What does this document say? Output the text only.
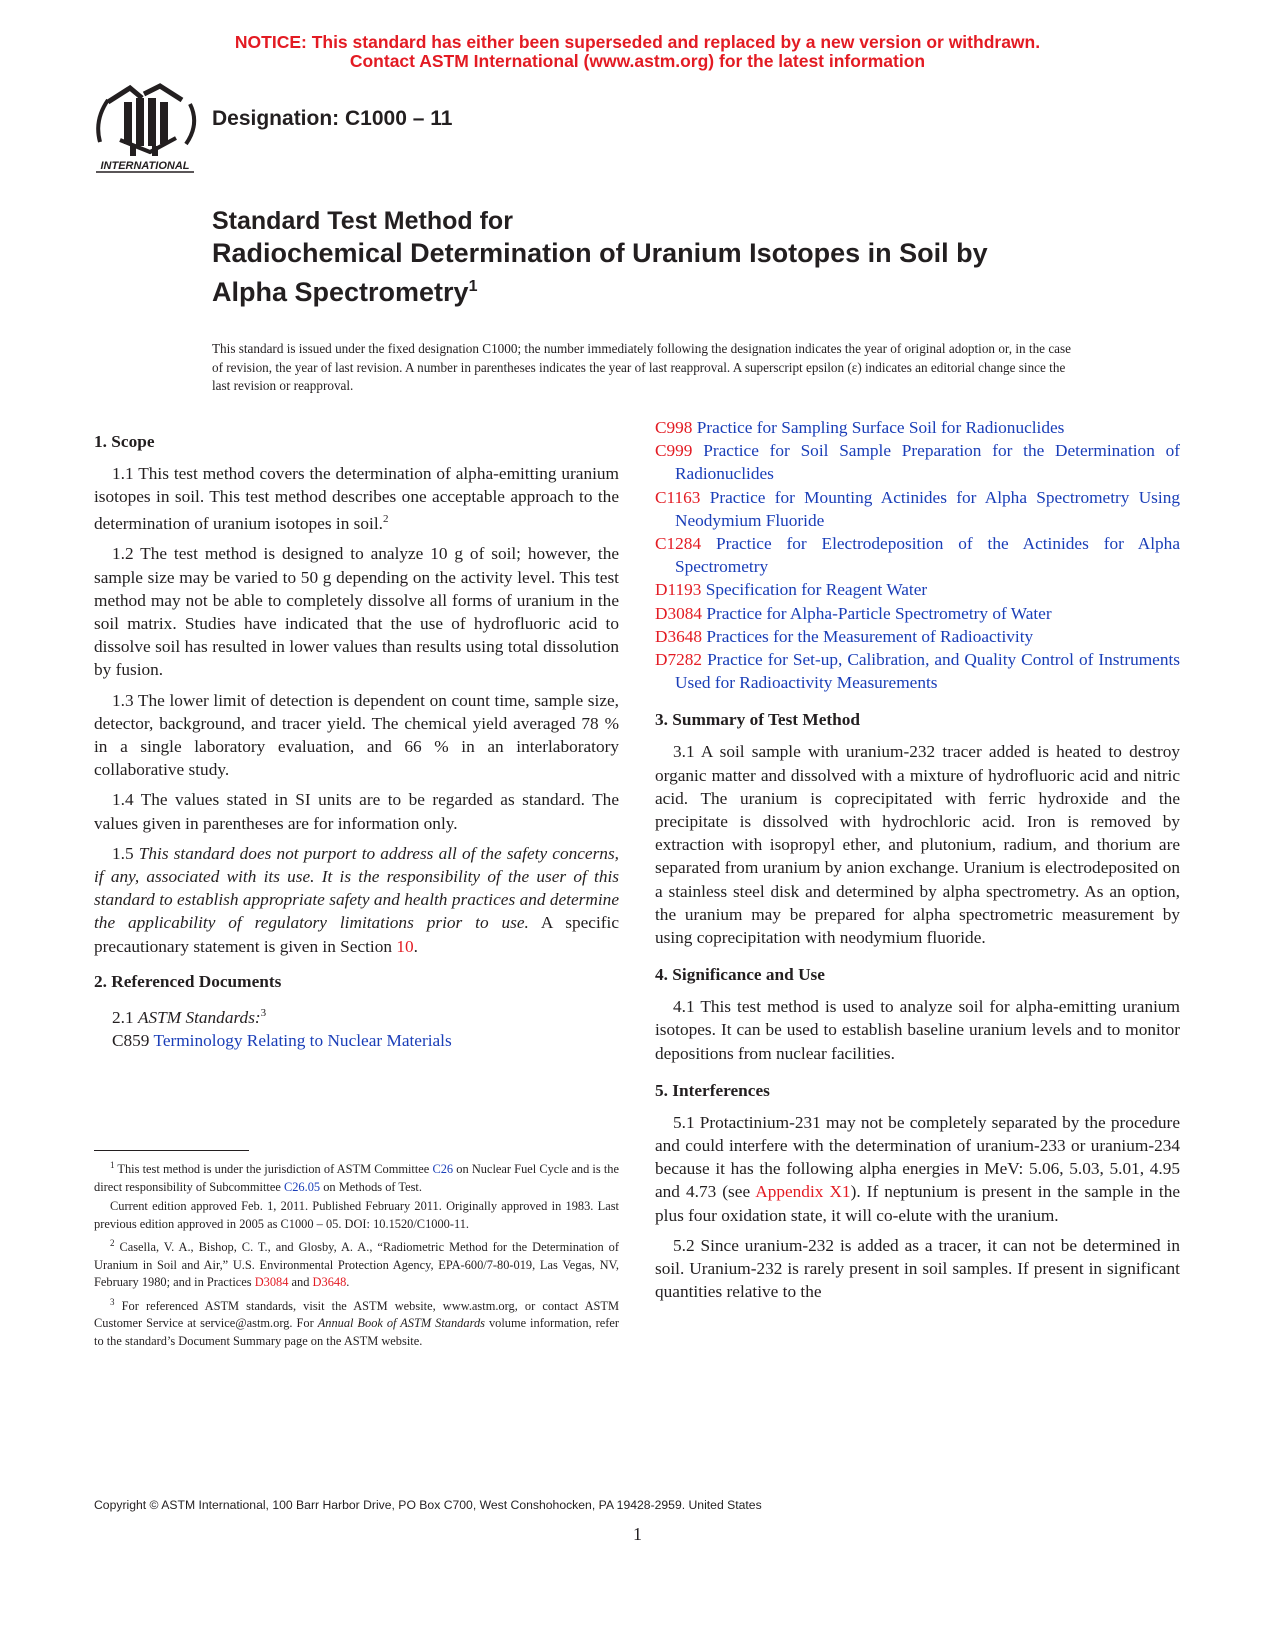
NOTICE: This standard has either been superseded and replaced by a new version or withdrawn.
Contact ASTM International (www.astm.org) for the latest information
INTERNATIONAL
Designation: C1000 – 11

Standard Test Method for

Radiochemical Determination of Uranium Isotopes in Soil by

Alpha Spectrometry$^1$

This standard is issued under the fixed designation C1000; the number immediately following the designation indicates the year of original adoption or, in the case of revision, the year of last revision. A number in parentheses indicates the year of last reapproval. A superscript epsilon (ε) indicates an editorial change since the last revision or reapproval.
1. Scope

1.1 This test method covers the determination of alpha-emitting uranium isotopes in soil. This test method describes one acceptable approach to the determination of uranium isotopes in soil.$^2$

1.2 The test method is designed to analyze 10 g of soil; however, the sample size may be varied to 50 g depending on the activity level. This test method may not be able to completely dissolve all forms of uranium in the soil matrix. Studies have indicated that the use of hydrofluoric acid to dissolve soil has resulted in lower values than results using total dissolution by fusion.

1.3 The lower limit of detection is dependent on count time, sample size, detector, background, and tracer yield. The chemical yield averaged 78 % in a single laboratory evaluation, and 66 % in an interlaboratory collaborative study.

1.4 The values stated in SI units are to be regarded as standard. The values given in parentheses are for information only.

1.5 This standard does not purport to address all of the safety concerns, if any, associated with its use. It is the responsibility of the user of this standard to establish appropriate safety and health practices and determine the applicability of regulatory limitations prior to use. A specific precautionary statement is given in Section 10.

2. Referenced Documents

2.1 ASTM Standards:$^3$

C859 Terminology Relating to Nuclear Materials

$^1$ This test method is under the jurisdiction of ASTM Committee C26 on Nuclear Fuel Cycle and is the direct responsibility of Subcommittee C26.05 on Methods of Test.

Current edition approved Feb. 1, 2011. Published February 2011. Originally approved in 1983. Last previous edition approved in 2005 as C1000 – 05. DOI: 10.1520/C1000-11.

$^2$ Casella, V. A., Bishop, C. T., and Glosby, A. A., “Radiometric Method for the Determination of Uranium in Soil and Air,” U.S. Environmental Protection Agency, EPA-600/7-80-019, Las Vegas, NV, February 1980; and in Practices D3084 and D3648.

$^3$ For referenced ASTM standards, visit the ASTM website, www.astm.org, or contact ASTM Customer Service at service@astm.org. For Annual Book of ASTM Standards volume information, refer to the standard’s Document Summary page on the ASTM website.

C998 Practice for Sampling Surface Soil for Radionuclides

C999 Practice for Soil Sample Preparation for the Determination of Radionuclides

C1163 Practice for Mounting Actinides for Alpha Spectrometry Using Neodymium Fluoride

C1284 Practice for Electrodeposition of the Actinides for Alpha Spectrometry

D1193 Specification for Reagent Water

D3084 Practice for Alpha-Particle Spectrometry of Water

D3648 Practices for the Measurement of Radioactivity

D7282 Practice for Set-up, Calibration, and Quality Control of Instruments Used for Radioactivity Measurements

3. Summary of Test Method

3.1 A soil sample with uranium-232 tracer added is heated to destroy organic matter and dissolved with a mixture of hydrofluoric acid and nitric acid. The uranium is coprecipitated with ferric hydroxide and the precipitate is dissolved with hydrochloric acid. Iron is removed by extraction with isopropyl ether, and plutonium, radium, and thorium are separated from uranium by anion exchange. Uranium is electrodeposited on a stainless steel disk and determined by alpha spectrometry. As an option, the uranium may be prepared for alpha spectrometric measurement by using coprecipitation with neodymium fluoride.

4. Significance and Use

4.1 This test method is used to analyze soil for alpha-emitting uranium isotopes. It can be used to establish baseline uranium levels and to monitor depositions from nuclear facilities.

5. Interferences

5.1 Protactinium-231 may not be completely separated by the procedure and could interfere with the determination of uranium-233 or uranium-234 because it has the following alpha energies in MeV: 5.06, 5.03, 5.01, 4.95 and 4.73 (see Appendix X1). If neptunium is present in the sample in the plus four oxidation state, it will co-elute with the uranium.

5.2 Since uranium-232 is added as a tracer, it can not be determined in soil. Uranium-232 is rarely present in soil samples. If present in significant quantities relative to the

Copyright © ASTM International, 100 Barr Harbor Drive, PO Box C700, West Conshohocken, PA 19428-2959. United States
1
